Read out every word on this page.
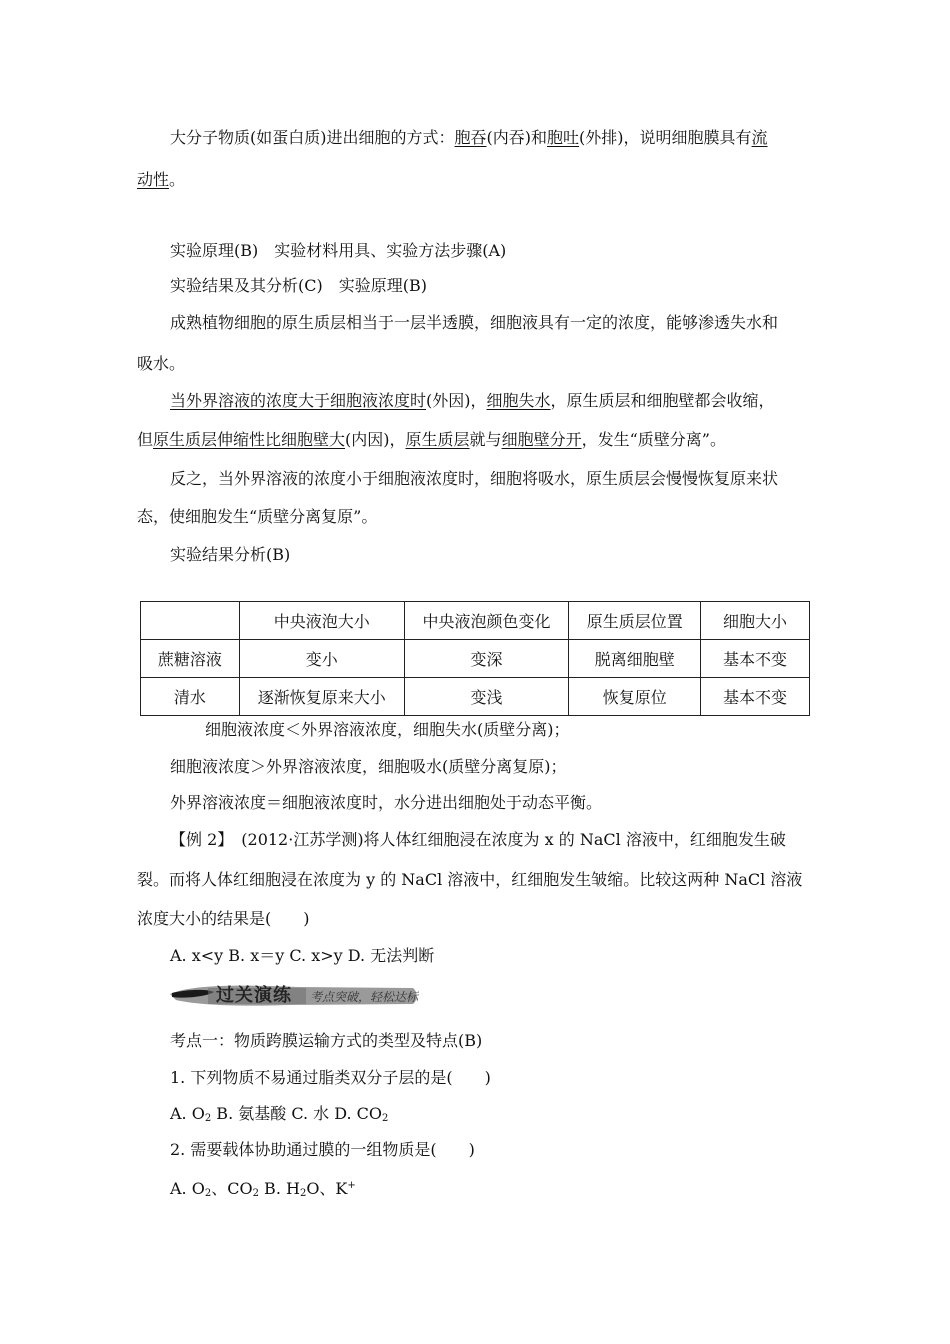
大分子物质(如蛋白质)进出细胞的方式：胞吞(内吞)和胞吐(外排)，说明细胞膜具有流
动性。
实验原理(B)　实验材料用具、实验方法步骤(A)
实验结果及其分析(C)　实验原理(B)
成熟植物细胞的原生质层相当于一层半透膜，细胞液具有一定的浓度，能够渗透失水和
吸水。
当外界溶液的浓度大于细胞液浓度时(外因)，细胞失水，原生质层和细胞壁都会收缩，
但原生质层伸缩性比细胞壁大(内因)，原生质层就与细胞壁分开，发生“质壁分离”。
反之，当外界溶液的浓度小于细胞液浓度时，细胞将吸水，原生质层会慢慢恢复原来状
态，使细胞发生“质壁分离复原”。
实验结果分析(B)
	中央液泡大小	中央液泡颜色变化	原生质层位置	细胞大小
蔗糖溶液	变小	变深	脱离细胞壁	基本不变
清水	逐渐恢复原来大小	变浅	恢复原位	基本不变
细胞液浓度＜外界溶液浓度，细胞失水(质壁分离)；
细胞液浓度＞外界溶液浓度，细胞吸水(质壁分离复原)；
外界溶液浓度＝细胞液浓度时，水分进出细胞处于动态平衡。
【例 2】　(2012·江苏学测)将人体红细胞浸在浓度为 x 的 NaCl 溶液中，红细胞发生破
裂。而将人体红细胞浸在浓度为 y 的 NaCl 溶液中，红细胞发生皱缩。比较这两种 NaCl 溶液
浓度大小的结果是(　　)
A. x<y B. x＝y C. x>y D. 无法判断
过关演练 考点突破，轻松达标
考点一：物质跨膜运输方式的类型及特点(B)
1. 下列物质不易通过脂类双分子层的是(　　)
A. $O_2$ B. 氨基酸 C. 水 D. $CO_2$
2. 需要载体协助通过膜的一组物质是(　　)
A. $O_2$、$CO_2$ B. $H_2O$、K+
